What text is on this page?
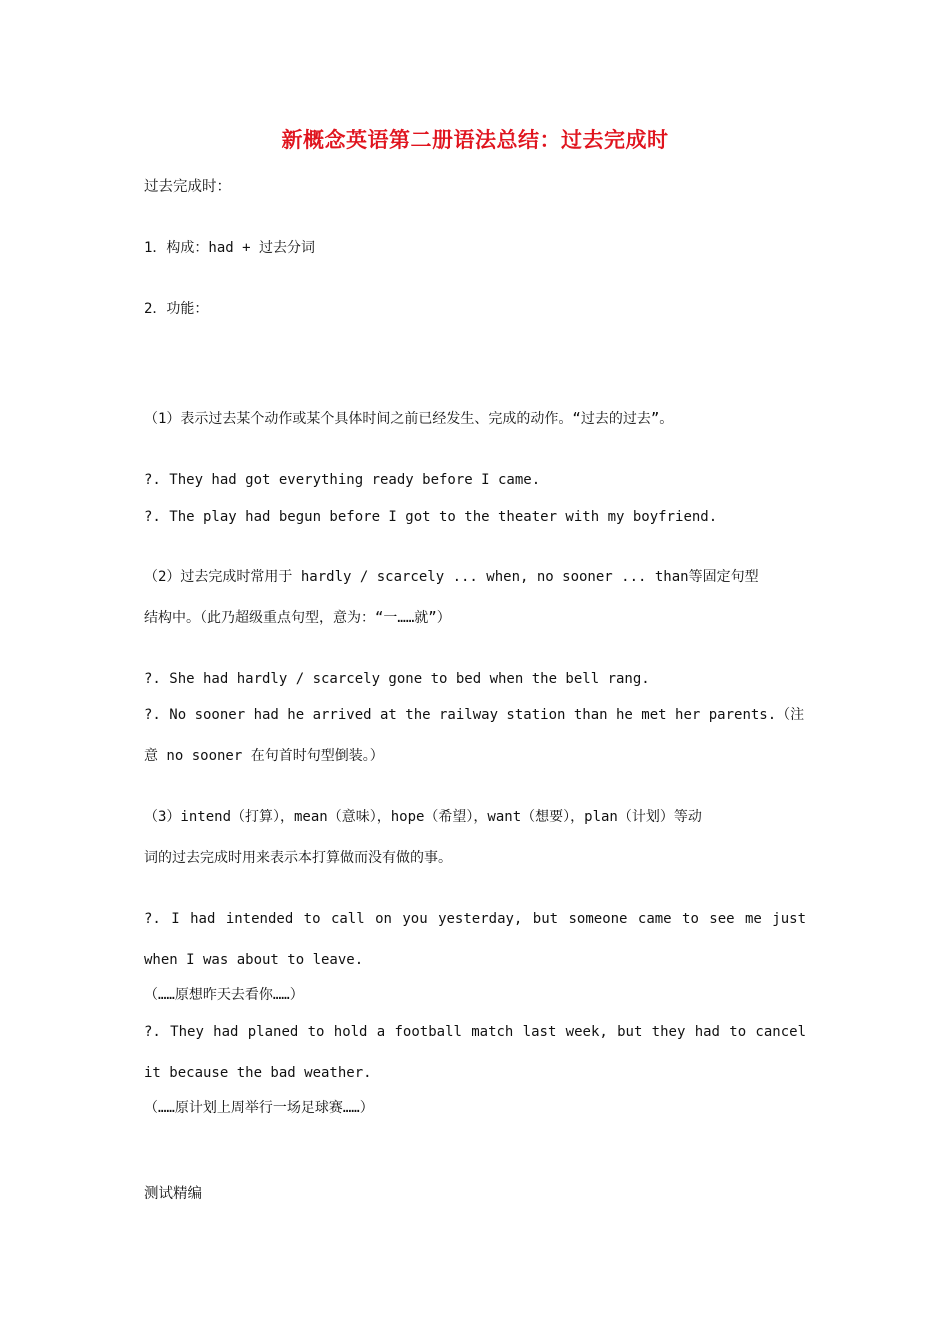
新概念英语第二册语法总结：过去完成时
过去完成时：
1．构成：had + 过去分词
2．功能：
（1）表示过去某个动作或某个具体时间之前已经发生、完成的动作。“过去的过去”。
?. They had got everything ready before I came.
?. The play had begun before I got to the theater with my boyfriend.
（2）过去完成时常用于 hardly / scarcely ... when, no sooner ... than等固定句型
结构中。（此乃超级重点句型，意为：“一……就”）
?. She had hardly / scarcely gone to bed when the bell rang.
?. No sooner had he arrived at the railway station than he met her parents.（注
意 no sooner 在句首时句型倒装。）
（3）intend（打算），mean（意味），hope（希望），want（想要），plan（计划）等动
词的过去完成时用来表示本打算做而没有做的事。
?. I had intended to call on you yesterday, but someone came to see me just
when I was about to leave.
（……原想昨天去看你……）
?. They had planed to hold a football match last week, but they had to cancel
it because the bad weather.
（……原计划上周举行一场足球赛……）
测试精编
